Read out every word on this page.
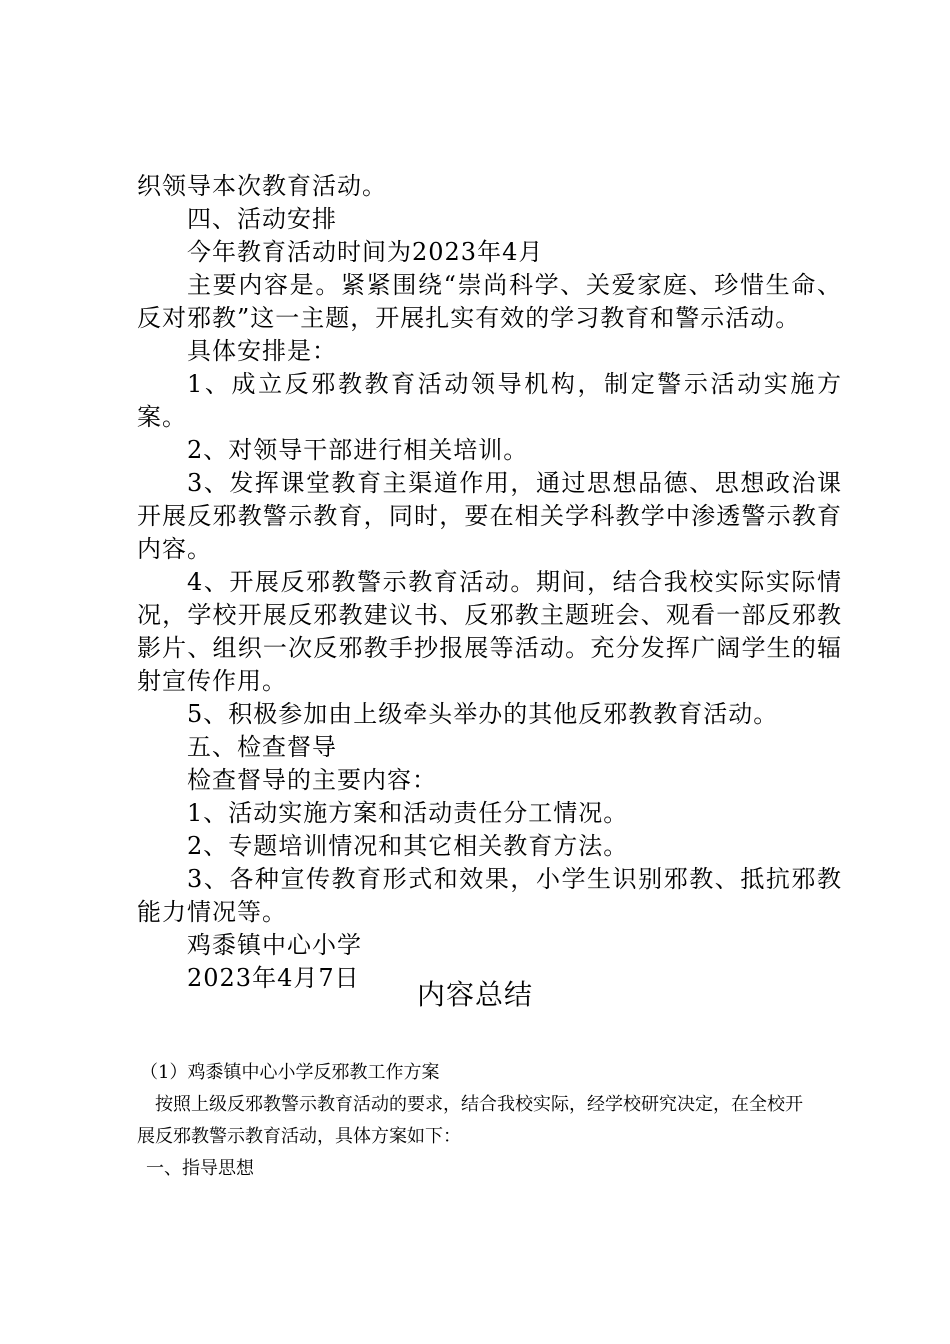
织领导本次教育活动。

四、活动安排

今年教育活动时间为2023年4月

主要内容是。紧紧围绕“崇尚科学、关爱家庭、珍惜生命、反对邪教”这一主题，开展扎实有效的学习教育和警示活动。

具体安排是：

1、成立反邪教教育活动领导机构，制定警示活动实施方案。

2、对领导干部进行相关培训。

3、发挥课堂教育主渠道作用，通过思想品德、思想政治课开展反邪教警示教育，同时，要在相关学科教学中渗透警示教育内容。

4、开展反邪教警示教育活动。期间，结合我校实际实际情况，学校开展反邪教建议书、反邪教主题班会、观看一部反邪教影片、组织一次反邪教手抄报展等活动。充分发挥广阔学生的辐射宣传作用。

5、积极参加由上级牵头举办的其他反邪教教育活动。

五、检查督导

检查督导的主要内容：

1、活动实施方案和活动责任分工情况。

2、专题培训情况和其它相关教育方法。

3、各种宣传教育形式和效果，小学生识别邪教、抵抗邪教能力情况等。

鸡黍镇中心小学

2023年4月7日	内容总结

（1）鸡黍镇中心小学反邪教工作方案

按照上级反邪教警示教育活动的要求，结合我校实际，经学校研究决定，在全校开展反邪教警示教育活动，具体方案如下：

一、指导思想
